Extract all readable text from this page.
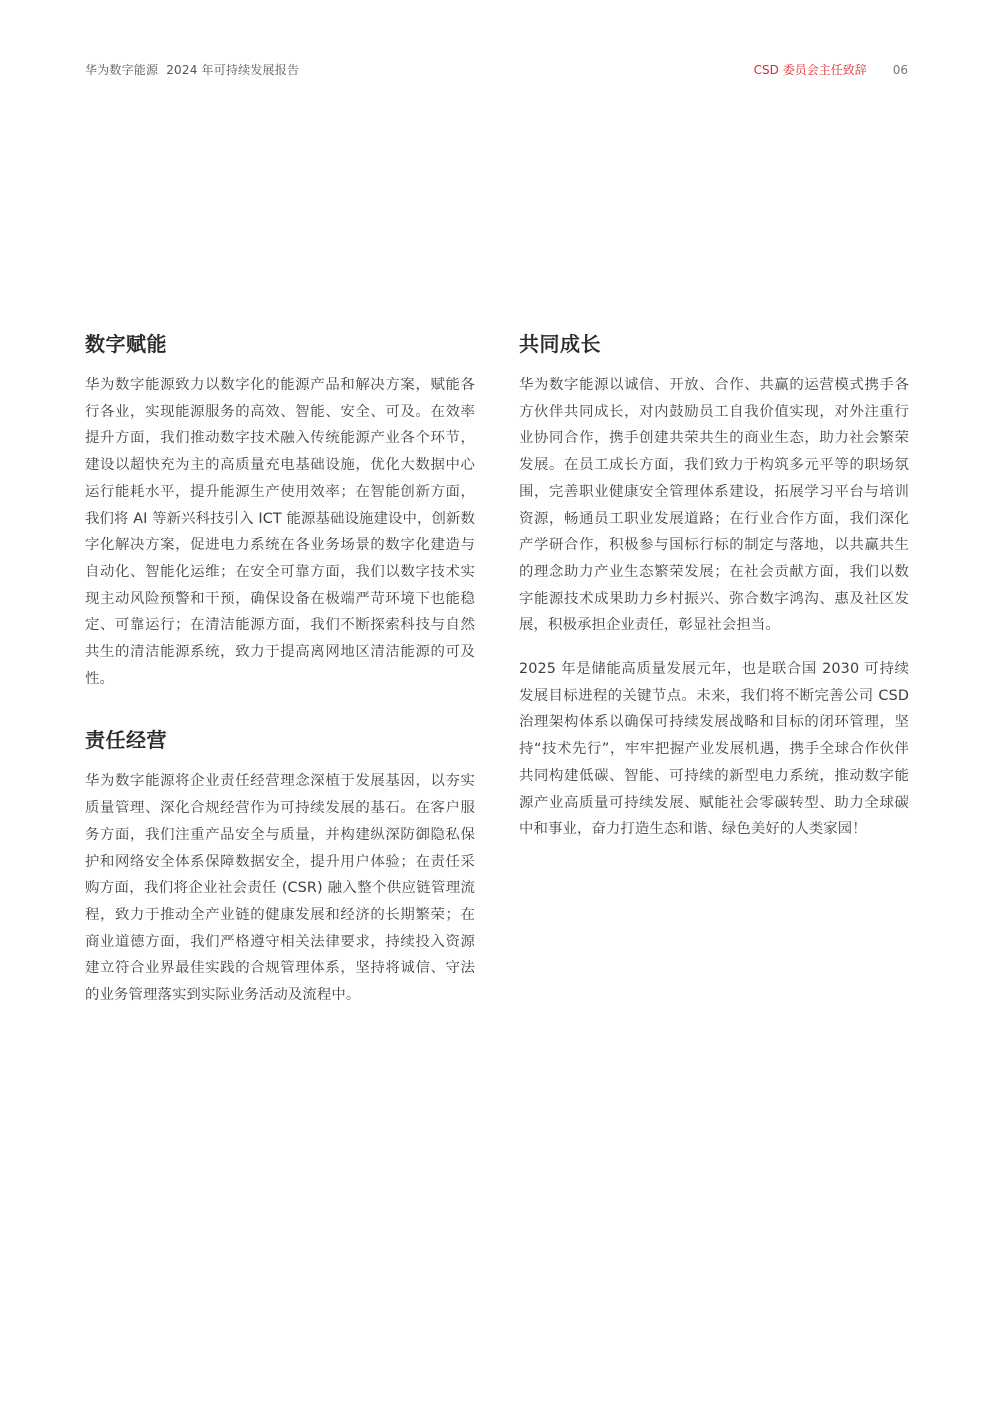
华为数字能源 2024 年可持续发展报告	CSD 委员会主任致辞 06
数字赋能

华为数字能源致力以数字化的能源产品和解决方案，赋能各行各业，实现能源服务的高效、智能、安全、可及。在效率提升方面，我们推动数字技术融入传统能源产业各个环节，建设以超快充为主的高质量充电基础设施，优化大数据中心运行能耗水平，提升能源生产使用效率；在智能创新方面，我们将 AI 等新兴科技引入 ICT 能源基础设施建设中，创新数字化解决方案，促进电力系统在各业务场景的数字化建造与自动化、智能化运维；在安全可靠方面，我们以数字技术实现主动风险预警和干预，确保设备在极端严苛环境下也能稳定、可靠运行；在清洁能源方面，我们不断探索科技与自然共生的清洁能源系统，致力于提高离网地区清洁能源的可及性。

责任经营

华为数字能源将企业责任经营理念深植于发展基因，以夯实质量管理、深化合规经营作为可持续发展的基石。在客户服务方面，我们注重产品安全与质量，并构建纵深防御隐私保护和网络安全体系保障数据安全，提升用户体验；在责任采购方面，我们将企业社会责任 (CSR) 融入整个供应链管理流程，致力于推动全产业链的健康发展和经济的长期繁荣；在商业道德方面，我们严格遵守相关法律要求，持续投入资源建立符合业界最佳实践的合规管理体系，坚持将诚信、守法的业务管理落实到实际业务活动及流程中。

共同成长

华为数字能源以诚信、开放、合作、共赢的运营模式携手各方伙伴共同成长，对内鼓励员工自我价值实现，对外注重行业协同合作，携手创建共荣共生的商业生态，助力社会繁荣发展。在员工成长方面，我们致力于构筑多元平等的职场氛围，完善职业健康安全管理体系建设，拓展学习平台与培训资源，畅通员工职业发展道路；在行业合作方面，我们深化产学研合作，积极参与国标行标的制定与落地，以共赢共生的理念助力产业生态繁荣发展；在社会贡献方面，我们以数字能源技术成果助力乡村振兴、弥合数字鸿沟、惠及社区发展，积极承担企业责任，彰显社会担当。

2025 年是储能高质量发展元年，也是联合国 2030 可持续发展目标进程的关键节点。未来，我们将不断完善公司 CSD 治理架构体系以确保可持续发展战略和目标的闭环管理，坚持“技术先行”，牢牢把握产业发展机遇，携手全球合作伙伴共同构建低碳、智能、可持续的新型电力系统，推动数字能源产业高质量可持续发展、赋能社会零碳转型、助力全球碳中和事业，奋力打造生态和谐、绿色美好的人类家园！
